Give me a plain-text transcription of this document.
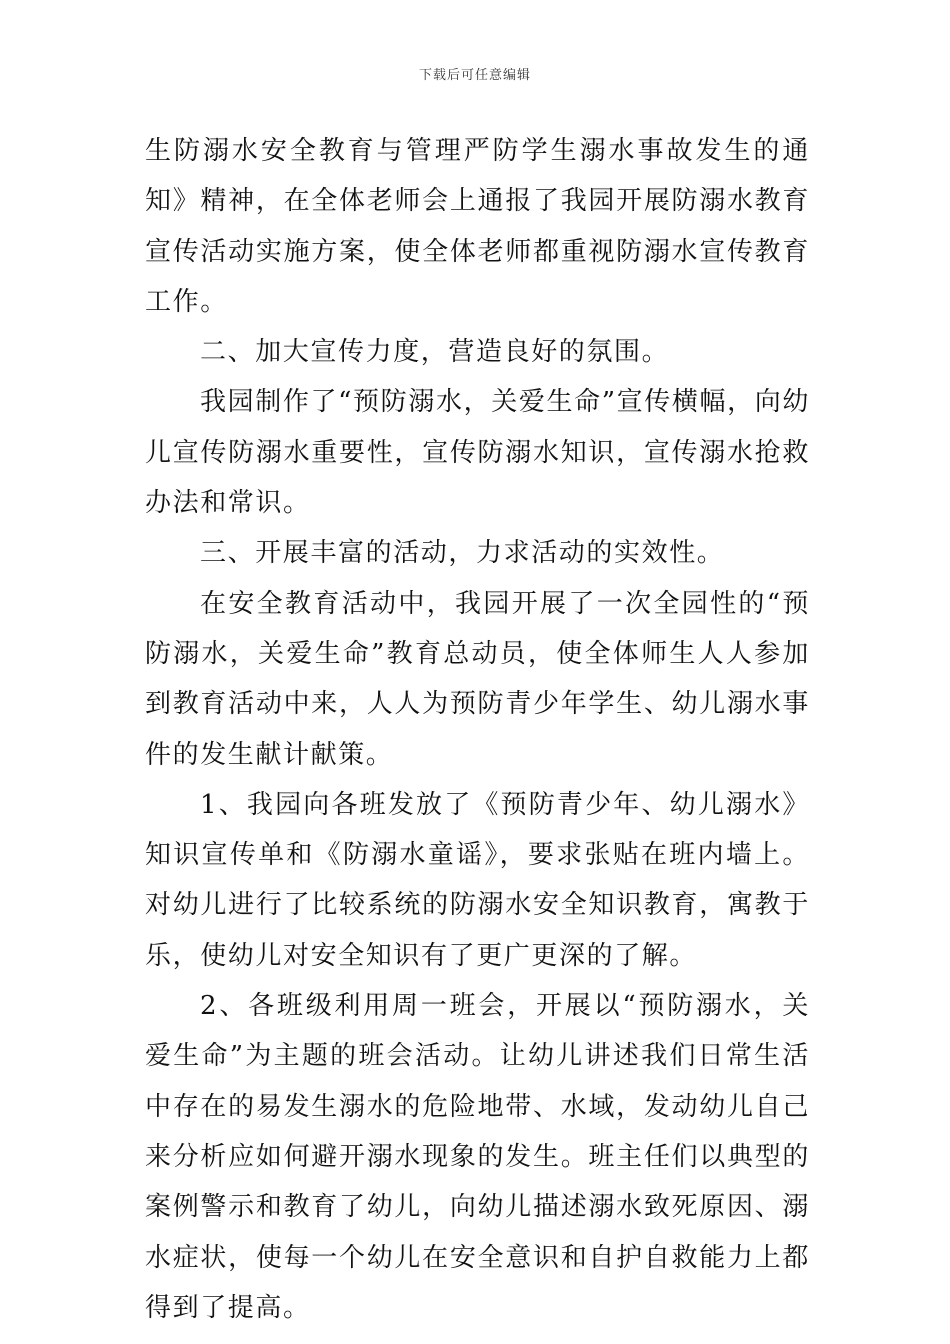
下载后可任意编辑

生防溺水安全教育与管理严防学生溺水事故发生的通知》精神，在全体老师会上通报了我园开展防溺水教育宣传活动实施方案，使全体老师都重视防溺水宣传教育工作。

二、加大宣传力度，营造良好的氛围。

我园制作了“预防溺水，关爱生命”宣传横幅，向幼儿宣传防溺水重要性，宣传防溺水知识，宣传溺水抢救办法和常识。

三、开展丰富的活动，力求活动的实效性。

在安全教育活动中，我园开展了一次全园性的“预防溺水，关爱生命”教育总动员，使全体师生人人参加到教育活动中来，人人为预防青少年学生、幼儿溺水事件的发生献计献策。

1、我园向各班发放了《预防青少年、幼儿溺水》知识宣传单和《防溺水童谣》，要求张贴在班内墙上。对幼儿进行了比较系统的防溺水安全知识教育，寓教于乐，使幼儿对安全知识有了更广更深的了解。

2、各班级利用周一班会，开展以“预防溺水，关爱生命”为主题的班会活动。让幼儿讲述我们日常生活中存在的易发生溺水的危险地带、水域，发动幼儿自己来分析应如何避开溺水现象的发生。班主任们以典型的案例警示和教育了幼儿，向幼儿描述溺水致死原因、溺水症状，使每一个幼儿在安全意识和自护自救能力上都得到了提高。
